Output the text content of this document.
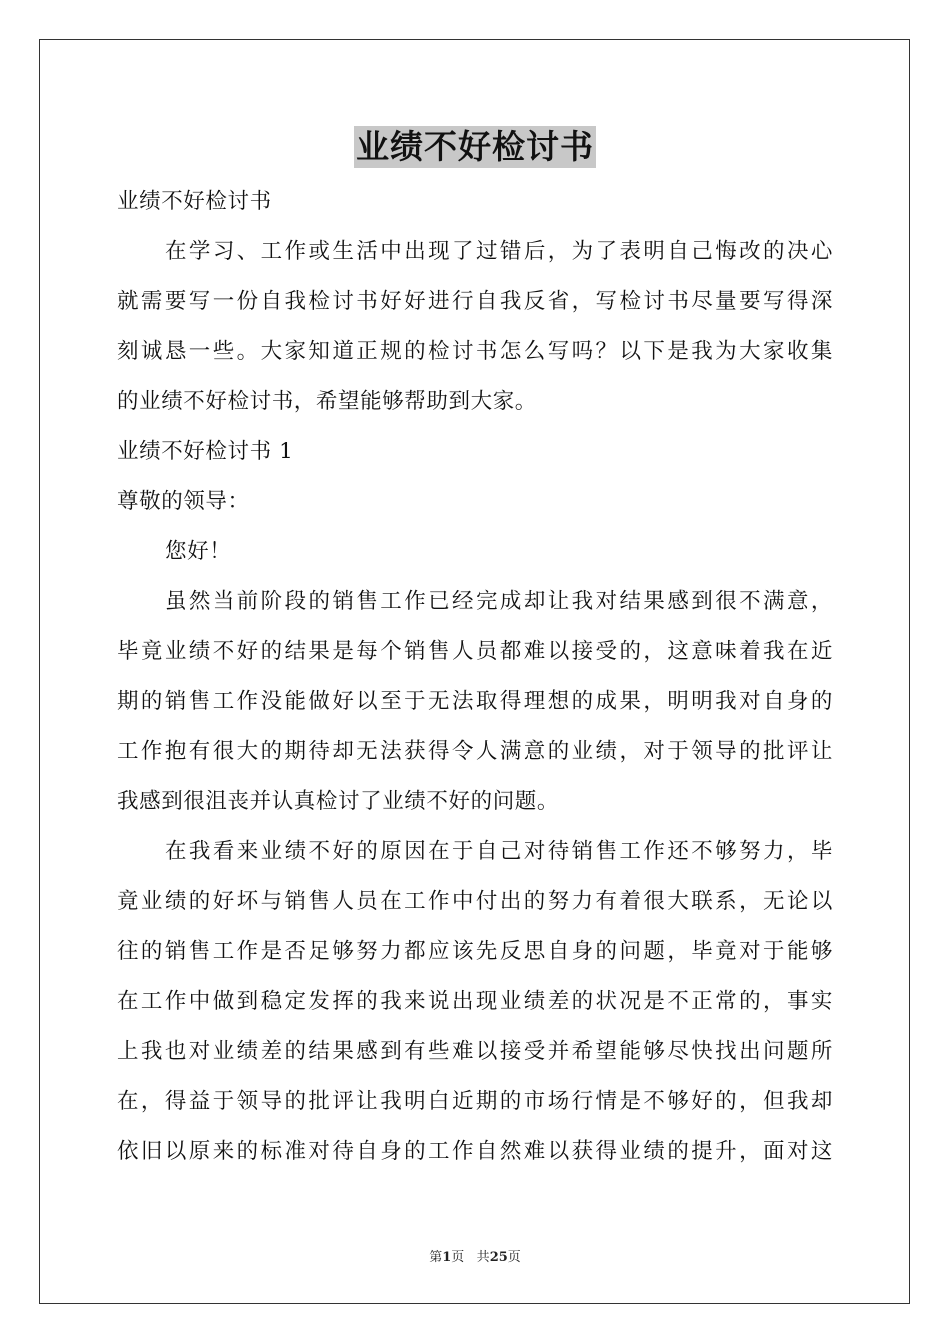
业绩不好检讨书
业绩不好检讨书
在学习、工作或生活中出现了过错后，为了表明自己悔改的决心
就需要写一份自我检讨书好好进行自我反省，写检讨书尽量要写得深
刻诚恳一些。大家知道正规的检讨书怎么写吗？以下是我为大家收集
的业绩不好检讨书，希望能够帮助到大家。
业绩不好检讨书 1
尊敬的领导：
您好！
虽然当前阶段的销售工作已经完成却让我对结果感到很不满意，
毕竟业绩不好的结果是每个销售人员都难以接受的，这意味着我在近
期的销售工作没能做好以至于无法取得理想的成果，明明我对自身的
工作抱有很大的期待却无法获得令人满意的业绩，对于领导的批评让
我感到很沮丧并认真检讨了业绩不好的问题。
在我看来业绩不好的原因在于自己对待销售工作还不够努力，毕
竟业绩的好坏与销售人员在工作中付出的努力有着很大联系，无论以
往的销售工作是否足够努力都应该先反思自身的问题，毕竟对于能够
在工作中做到稳定发挥的我来说出现业绩差的状况是不正常的，事实
上我也对业绩差的结果感到有些难以接受并希望能够尽快找出问题所
在，得益于领导的批评让我明白近期的市场行情是不够好的，但我却
依旧以原来的标准对待自身的工作自然难以获得业绩的提升，面对这
第1页 共25页
